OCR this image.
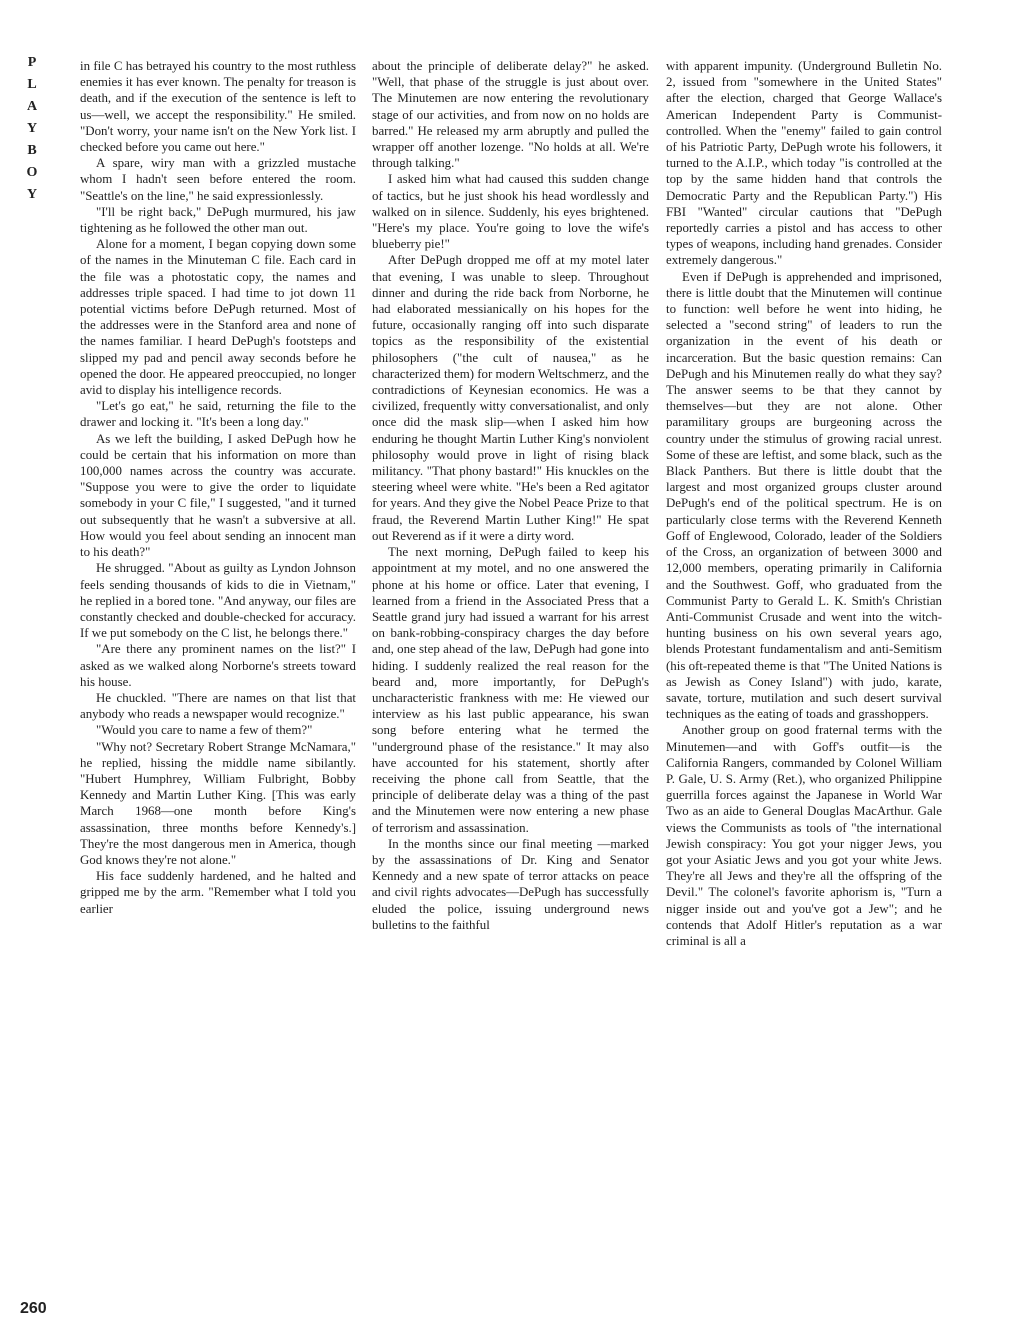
P
L
A
Y
B
O
Y

in file C has betrayed his country to the most ruthless enemies it has ever known. The penalty for treason is death, and if the execution of the sentence is left to us—well, we accept the responsibility." He smiled. "Don't worry, your name isn't on the New York list. I checked before you came out here."

A spare, wiry man with a grizzled mustache whom I hadn't seen before entered the room. "Seattle's on the line," he said expressionlessly.

"I'll be right back," DePugh murmured, his jaw tightening as he followed the other man out.

Alone for a moment, I began copying down some of the names in the Minuteman C file. Each card in the file was a photostatic copy, the names and addresses triple spaced. I had time to jot down 11 potential victims before DePugh returned. Most of the addresses were in the Stanford area and none of the names familiar. I heard DePugh's footsteps and slipped my pad and pencil away seconds before he opened the door. He appeared preoccupied, no longer avid to display his intelligence records.

"Let's go eat," he said, returning the file to the drawer and locking it. "It's been a long day."

As we left the building, I asked DePugh how he could be certain that his information on more than 100,000 names across the country was accurate. "Suppose you were to give the order to liquidate somebody in your C file," I suggested, "and it turned out subsequently that he wasn't a subversive at all. How would you feel about sending an innocent man to his death?"

He shrugged. "About as guilty as Lyndon Johnson feels sending thousands of kids to die in Vietnam," he replied in a bored tone. "And anyway, our files are constantly checked and double-checked for accuracy. If we put somebody on the C list, he belongs there."

"Are there any prominent names on the list?" I asked as we walked along Norborne's streets toward his house.

He chuckled. "There are names on that list that anybody who reads a newspaper would recognize."

"Would you care to name a few of them?"

"Why not? Secretary Robert Strange McNamara," he replied, hissing the middle name sibilantly. "Hubert Humphrey, William Fulbright, Bobby Kennedy and Martin Luther King. [This was early March 1968—one month before King's assassination, three months before Kennedy's.] They're the most dangerous men in America, though God knows they're not alone."

His face suddenly hardened, and he halted and gripped me by the arm. "Remember what I told you earlier

about the principle of deliberate delay?" he asked. "Well, that phase of the struggle is just about over. The Minutemen are now entering the revolutionary stage of our activities, and from now on no holds are barred." He released my arm abruptly and pulled the wrapper off another lozenge. "No holds at all. We're through talking."

I asked him what had caused this sudden change of tactics, but he just shook his head wordlessly and walked on in silence. Suddenly, his eyes brightened. "Here's my place. You're going to love the wife's blueberry pie!"

After DePugh dropped me off at my motel later that evening, I was unable to sleep. Throughout dinner and during the ride back from Norborne, he had elaborated messianically on his hopes for the future, occasionally ranging off into such disparate topics as the responsibility of the existential philosophers ("the cult of nausea," as he characterized them) for modern Weltschmerz, and the contradictions of Keynesian economics. He was a civilized, frequently witty conversationalist, and only once did the mask slip—when I asked him how enduring he thought Martin Luther King's nonviolent philosophy would prove in light of rising black militancy. "That phony bastard!" His knuckles on the steering wheel were white. "He's been a Red agitator for years. And they give the Nobel Peace Prize to that fraud, the Reverend Martin Luther King!" He spat out Reverend as if it were a dirty word.

The next morning, DePugh failed to keep his appointment at my motel, and no one answered the phone at his home or office. Later that evening, I learned from a friend in the Associated Press that a Seattle grand jury had issued a warrant for his arrest on bank-robbing-conspiracy charges the day before and, one step ahead of the law, DePugh had gone into hiding. I suddenly realized the real reason for the beard and, more importantly, for DePugh's uncharacteristic frankness with me: He viewed our interview as his last public appearance, his swan song before entering what he termed the "underground phase of the resistance." It may also have accounted for his statement, shortly after receiving the phone call from Seattle, that the principle of deliberate delay was a thing of the past and the Minutemen were now entering a new phase of terrorism and assassination.

In the months since our final meeting —marked by the assassinations of Dr. King and Senator Kennedy and a new spate of terror attacks on peace and civil rights advocates—DePugh has successfully eluded the police, issuing underground news bulletins to the faithful

with apparent impunity. (Underground Bulletin No. 2, issued from "somewhere in the United States" after the election, charged that George Wallace's American Independent Party is Communist-controlled. When the "enemy" failed to gain control of his Patriotic Party, DePugh wrote his followers, it turned to the A.I.P., which today "is controlled at the top by the same hidden hand that controls the Democratic Party and the Republican Party.") His FBI "Wanted" circular cautions that "DePugh reportedly carries a pistol and has access to other types of weapons, including hand grenades. Consider extremely dangerous."

Even if DePugh is apprehended and imprisoned, there is little doubt that the Minutemen will continue to function: well before he went into hiding, he selected a "second string" of leaders to run the organization in the event of his death or incarceration. But the basic question remains: Can DePugh and his Minutemen really do what they say? The answer seems to be that they cannot by themselves—but they are not alone. Other paramilitary groups are burgeoning across the country under the stimulus of growing racial unrest. Some of these are leftist, and some black, such as the Black Panthers. But there is little doubt that the largest and most organized groups cluster around DePugh's end of the political spectrum. He is on particularly close terms with the Reverend Kenneth Goff of Englewood, Colorado, leader of the Soldiers of the Cross, an organization of between 3000 and 12,000 members, operating primarily in California and the Southwest. Goff, who graduated from the Communist Party to Gerald L. K. Smith's Christian Anti-Communist Crusade and went into the witch-hunting business on his own several years ago, blends Protestant fundamentalism and anti-Semitism (his oft-repeated theme is that "The United Nations is as Jewish as Coney Island") with judo, karate, savate, torture, mutilation and such desert survival techniques as the eating of toads and grasshoppers.

Another group on good fraternal terms with the Minutemen—and with Goff's outfit—is the California Rangers, commanded by Colonel William P. Gale, U. S. Army (Ret.), who organized Philippine guerrilla forces against the Japanese in World War Two as an aide to General Douglas MacArthur. Gale views the Communists as tools of "the international Jewish conspiracy: You got your nigger Jews, you got your Asiatic Jews and you got your white Jews. They're all Jews and they're all the offspring of the Devil." The colonel's favorite aphorism is, "Turn a nigger inside out and you've got a Jew"; and he contends that Adolf Hitler's reputation as a war criminal is all a

260
